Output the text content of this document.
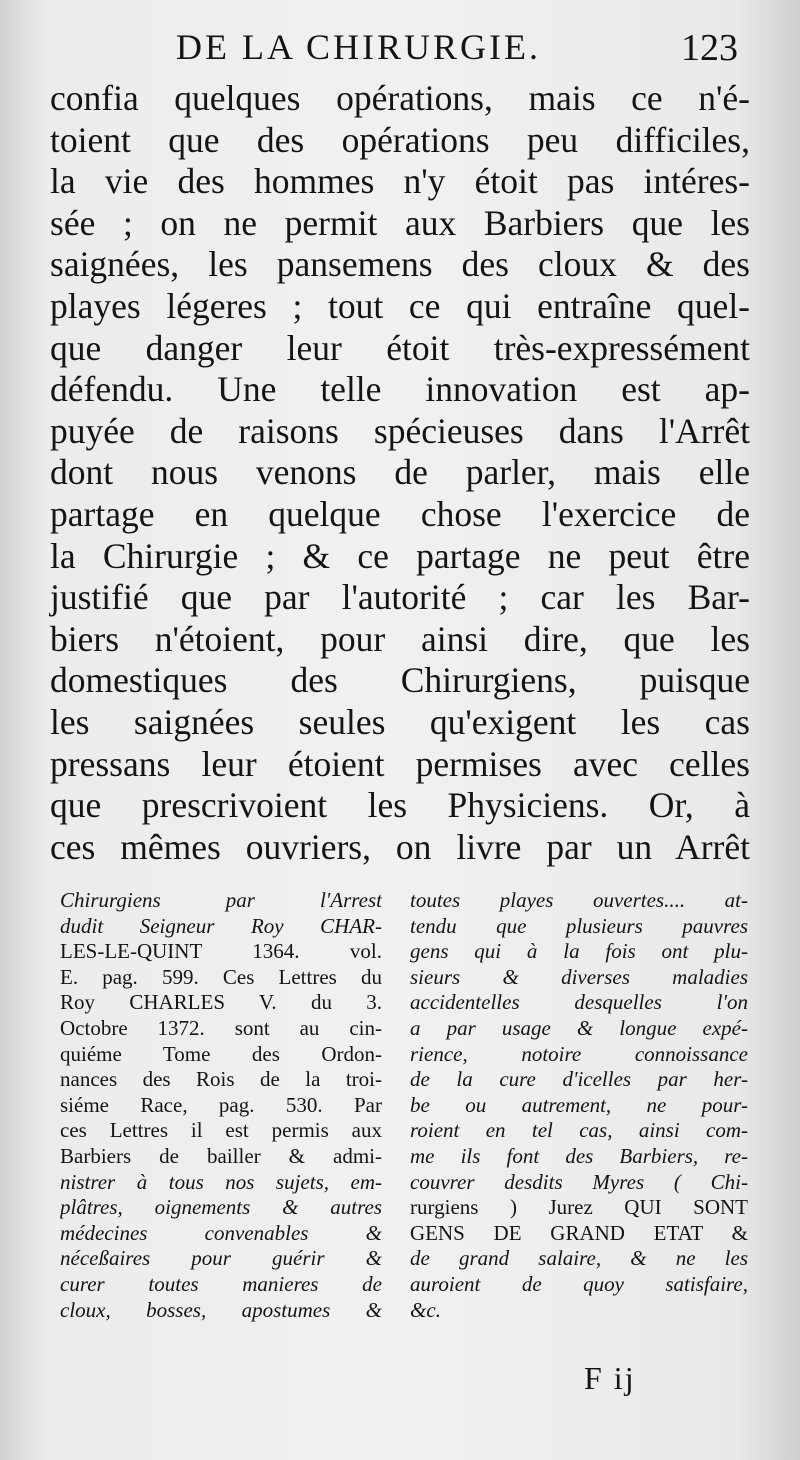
DE LA CHIRURGIE.	123
confia quelques opérations, mais ce n'é-
toient que des opérations peu difficiles,
la vie des hommes n'y étoit pas intéres-
sée ; on ne permit aux Barbiers que les
saignées, les pansemens des cloux & des
playes légeres ; tout ce qui entraîne quel-
que danger leur étoit très-expressément
défendu. Une telle innovation est ap-
puyée de raisons spécieuses dans l'Arrêt
dont nous venons de parler, mais elle
partage en quelque chose l'exercice de
la Chirurgie ; & ce partage ne peut être
justifié que par l'autorité ; car les Bar-
biers n'étoient, pour ainsi dire, que les
domestiques des Chirurgiens, puisque
les saignées seules qu'exigent les cas
pressans leur étoient permises avec celles
que prescrivoient les Physiciens. Or, à
ces mêmes ouvriers, on livre par un Arrêt
Chirurgiens par l'Arrest
dudit Seigneur Roy CHAR-
LES-LE-QUINT 1364. vol.
E. pag. 599. Ces Lettres du
Roy CHARLES V. du 3.
Octobre 1372. sont au cin-
quiéme Tome des Ordon-
nances des Rois de la troi-
siéme Race, pag. 530. Par
ces Lettres il est permis aux
Barbiers de bailler & admi-
nistrer à tous nos sujets, em-
plâtres, oignements & autres
médecines convenables &
néceßaires pour guérir &
curer toutes manieres de
cloux, bosses, apostumes &
toutes playes ouvertes.... at-
tendu que plusieurs pauvres
gens qui à la fois ont plu-
sieurs & diverses maladies
accidentelles desquelles l'on
a par usage & longue expé-
rience, notoire connoissance
de la cure d'icelles par her-
be ou autrement, ne pour-
roient en tel cas, ainsi com-
me ils font des Barbiers, re-
couvrer desdits Myres ( Chi-
rurgiens ) Jurez QUI SONT
GENS DE GRAND ETAT &
de grand salaire, & ne les
auroient de quoy satisfaire,
&c.
F ij
